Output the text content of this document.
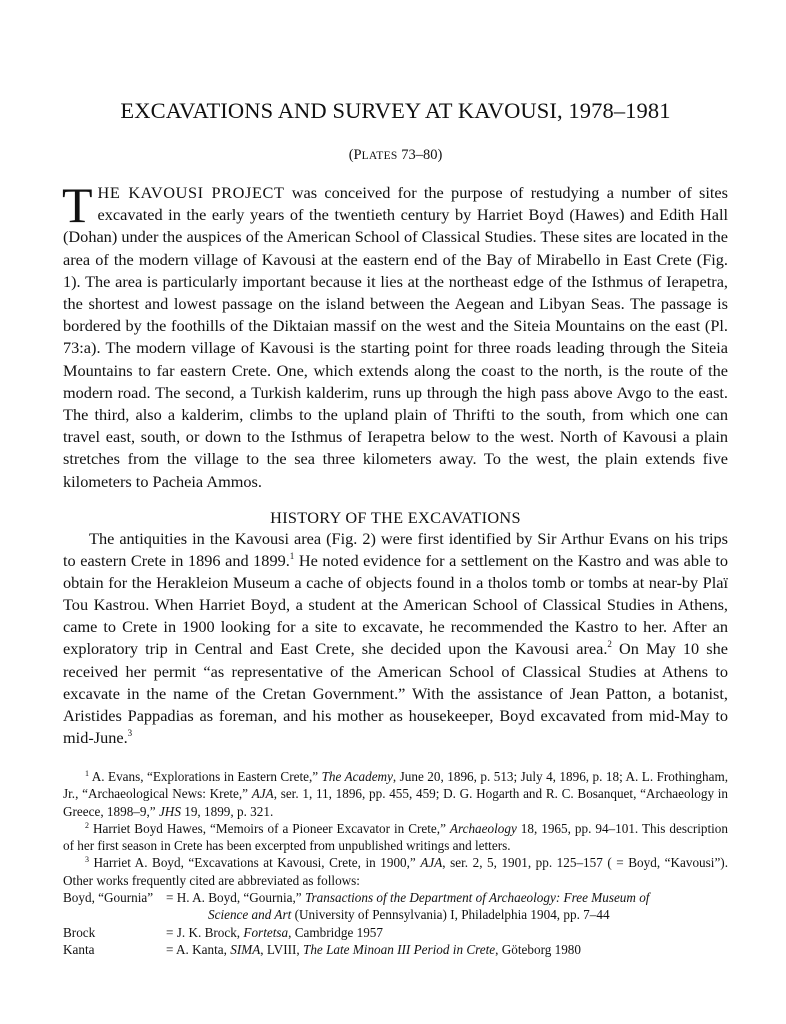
EXCAVATIONS AND SURVEY AT KAVOUSI, 1978–1981
(PLATES 73–80)

THE KAVOUSI PROJECT was conceived for the purpose of restudying a number of sites excavated in the early years of the twentieth century by Harriet Boyd (Hawes) and Edith Hall (Dohan) under the auspices of the American School of Classical Studies. These sites are located in the area of the modern village of Kavousi at the eastern end of the Bay of Mirabello in East Crete (Fig. 1). The area is particularly important because it lies at the northeast edge of the Isthmus of Ierapetra, the shortest and lowest passage on the island between the Aegean and Libyan Seas. The passage is bordered by the foothills of the Diktaian massif on the west and the Siteia Mountains on the east (Pl. 73:a). The modern village of Kavousi is the starting point for three roads leading through the Siteia Mountains to far eastern Crete. One, which extends along the coast to the north, is the route of the modern road. The second, a Turkish kalderim, runs up through the high pass above Avgo to the east. The third, also a kalderim, climbs to the upland plain of Thrifti to the south, from which one can travel east, south, or down to the Isthmus of Ierapetra below to the west. North of Kavousi a plain stretches from the village to the sea three kilometers away. To the west, the plain extends five kilometers to Pacheia Ammos.

HISTORY OF THE EXCAVATIONS

The antiquities in the Kavousi area (Fig. 2) were first identified by Sir Arthur Evans on his trips to eastern Crete in 1896 and 1899.$^1$ He noted evidence for a settlement on the Kastro and was able to obtain for the Herakleion Museum a cache of objects found in a tholos tomb or tombs at near-by Plaï Tou Kastrou. When Harriet Boyd, a student at the American School of Classical Studies in Athens, came to Crete in 1900 looking for a site to excavate, he recommended the Kastro to her. After an exploratory trip in Central and East Crete, she decided upon the Kavousi area.$^2$ On May 10 she received her permit “as representative of the American School of Classical Studies at Athens to excavate in the name of the Cretan Government.” With the assistance of Jean Patton, a botanist, Aristides Pappadias as foreman, and his mother as housekeeper, Boyd excavated from mid-May to mid-June.$^3$

$^1$ A. Evans, “Explorations in Eastern Crete,” The Academy, June 20, 1896, p. 513; July 4, 1896, p. 18; A. L. Frothingham, Jr., “Archaeological News: Krete,” AJA, ser. 1, 11, 1896, pp. 455, 459; D. G. Hogarth and R. C. Bosanquet, “Archaeology in Greece, 1898–9,” JHS 19, 1899, p. 321.

$^2$ Harriet Boyd Hawes, “Memoirs of a Pioneer Excavator in Crete,” Archaeology 18, 1965, pp. 94–101. This description of her first season in Crete has been excerpted from unpublished writings and letters.

$^3$ Harriet A. Boyd, “Excavations at Kavousi, Crete, in 1900,” AJA, ser. 2, 5, 1901, pp. 125–157 ( = Boyd, “Kavousi”). Other works frequently cited are abbreviated as follows:

Boyd, “Gournia” = H. A. Boyd, “Gournia,” Transactions of the Department of Archaeology: Free Museum of
Science and Art (University of Pennsylvania) I, Philadelphia 1904, pp. 7–44
Brock	= J. K. Brock, Fortetsa, Cambridge 1957
Kanta	= A. Kanta, SIMA, LVIII, The Late Minoan III Period in Crete, Göteborg 1980
